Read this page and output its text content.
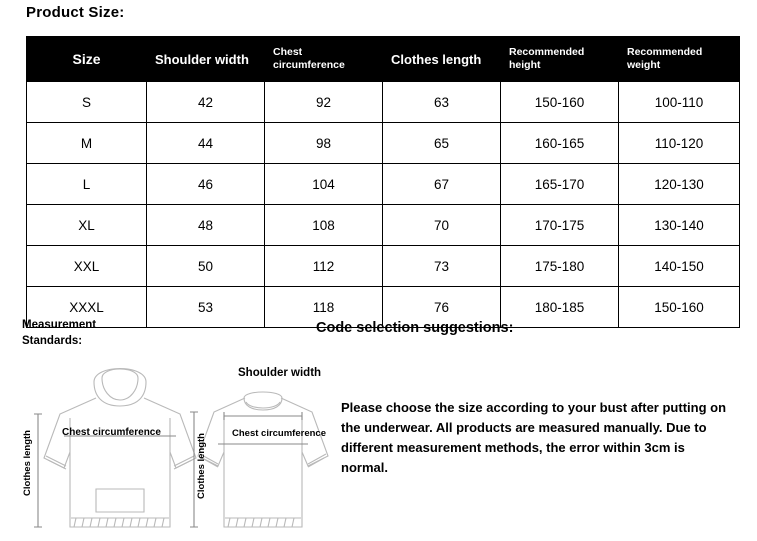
Product Size:
Size	Shoulder width	Chest circumference	Clothes length	Recommended height	Recommended weight
S	42	92	63	150-160	100-110
M	44	98	65	160-165	110-120
L	46	104	67	165-170	120-130
XL	48	108	70	170-175	130-140
XXL	50	112	73	175-180	140-150
XXXL	53	118	76	180-185	150-160
Measurement Standards:
Code selection suggestions:
Please choose the size according to your bust after putting on the underwear. All products are measured manually. Due to different measurement methods, the error within 3cm is normal.
Chest circumference
Clothes length
Shoulder width
Chest circumference
Clothes length
